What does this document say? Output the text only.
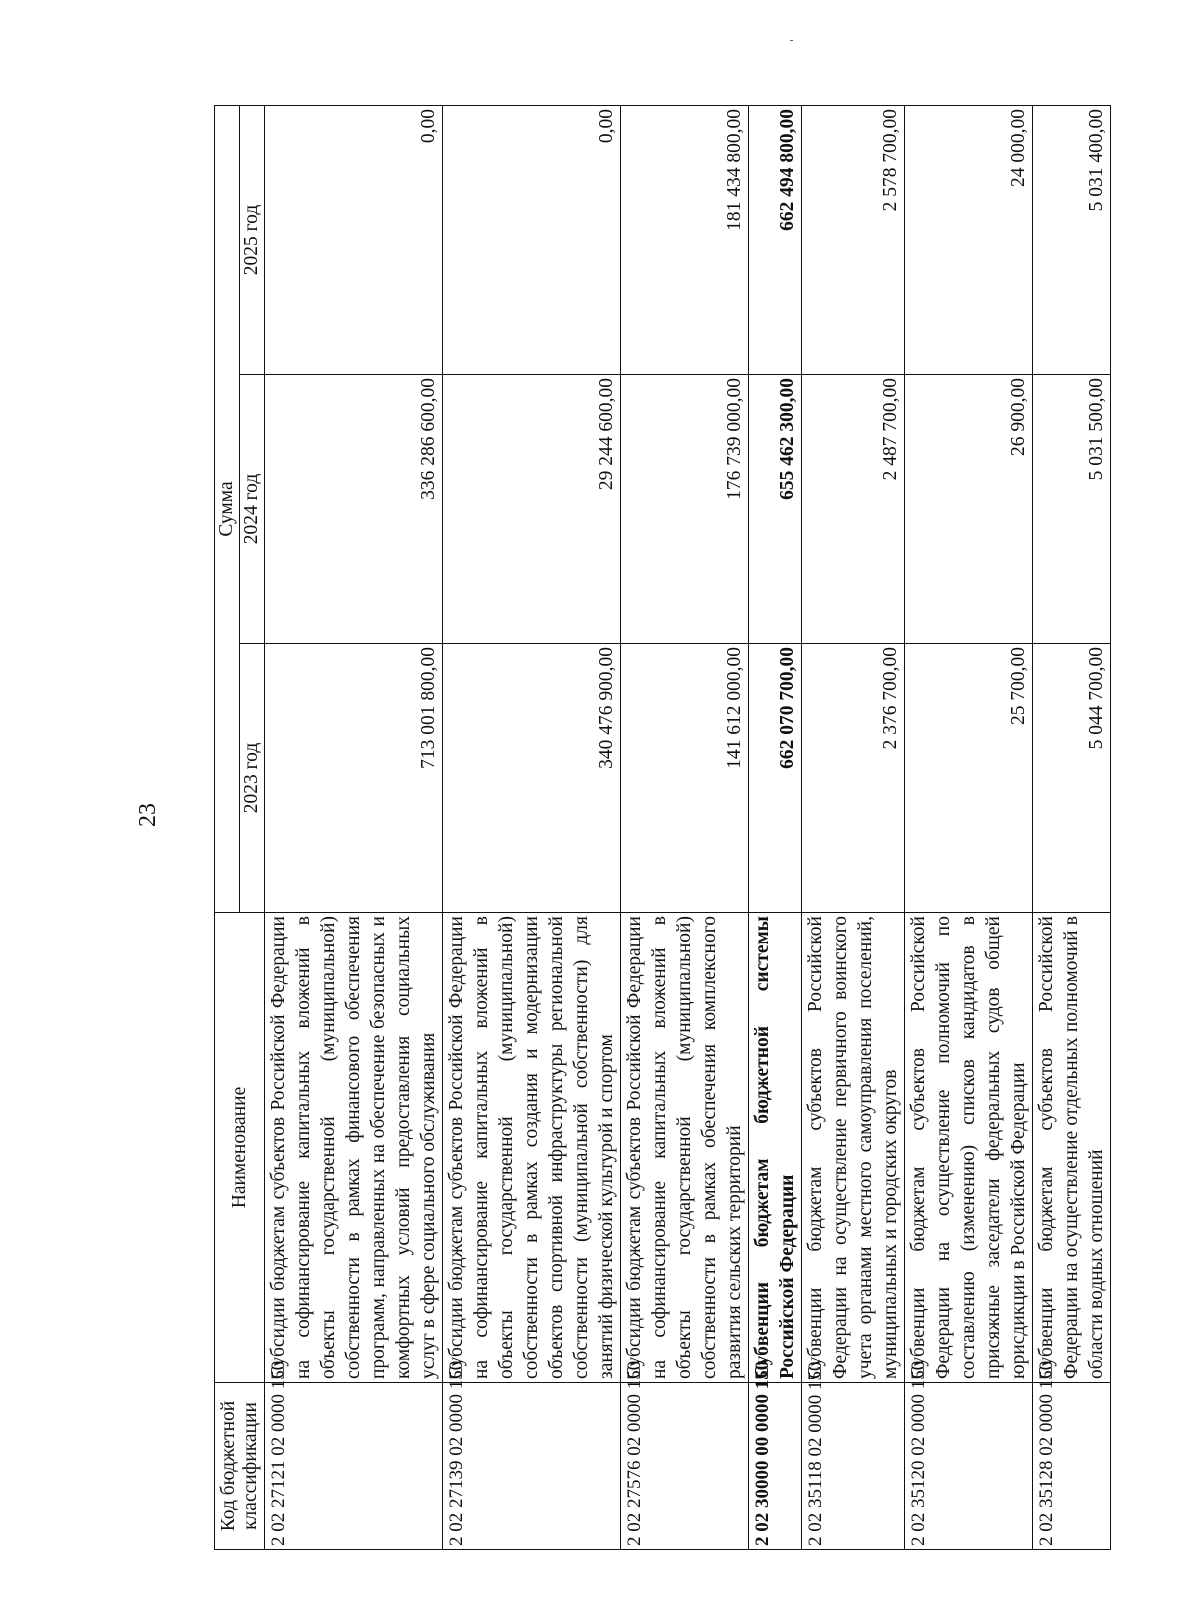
23
Код бюджетной классификации	Наименование	Сумма		
		2023 год	2024 год	2025 год
2 02 27121 02 0000 150	Субсидии бюджетам субъектов Российской Федерации на софинансирование капитальных вложений в объекты государственной (муниципальной) собственности в рамках финансового обеспечения программ, направленных на обеспечение безопасных и комфортных условий предоставления социальных услуг в сфере социального обслуживания	713 001 800,00	336 286 600,00	0,00
2 02 27139 02 0000 150	Субсидии бюджетам субъектов Российской Федерации на софинансирование капитальных вложений в объекты государственной (муниципальной) собственности в рамках создания и модернизации объектов спортивной инфраструктуры региональной собственности (муниципальной собственности) для занятий физической культурой и спортом	340 476 900,00	29 244 600,00	0,00
2 02 27576 02 0000 150	Субсидии бюджетам субъектов Российской Федерации на софинансирование капитальных вложений в объекты государственной (муниципальной) собственности в рамках обеспечения комплексного развития сельских территорий	141 612 000,00	176 739 000,00	181 434 800,00
2 02 30000 00 0000 150	Субвенции бюджетам бюджетной системы Российской Федерации	662 070 700,00	655 462 300,00	662 494 800,00
2 02 35118 02 0000 150	Субвенции бюджетам субъектов Российской Федерации на осуществление первичного воинского учета органами местного самоуправления поселений, муниципальных и городских округов	2 376 700,00	2 487 700,00	2 578 700,00
2 02 35120 02 0000 150	Субвенции бюджетам субъектов Российской Федерации на осуществление полномочий по составлению (изменению) списков кандидатов в присяжные заседатели федеральных судов общей юрисдикции в Российской Федерации	25 700,00	26 900,00	24 000,00
2 02 35128 02 0000 150	Субвенции бюджетам субъектов Российской Федерации на осуществление отдельных полномочий в области водных отношений	5 044 700,00	5 031 500,00	5 031 400,00
